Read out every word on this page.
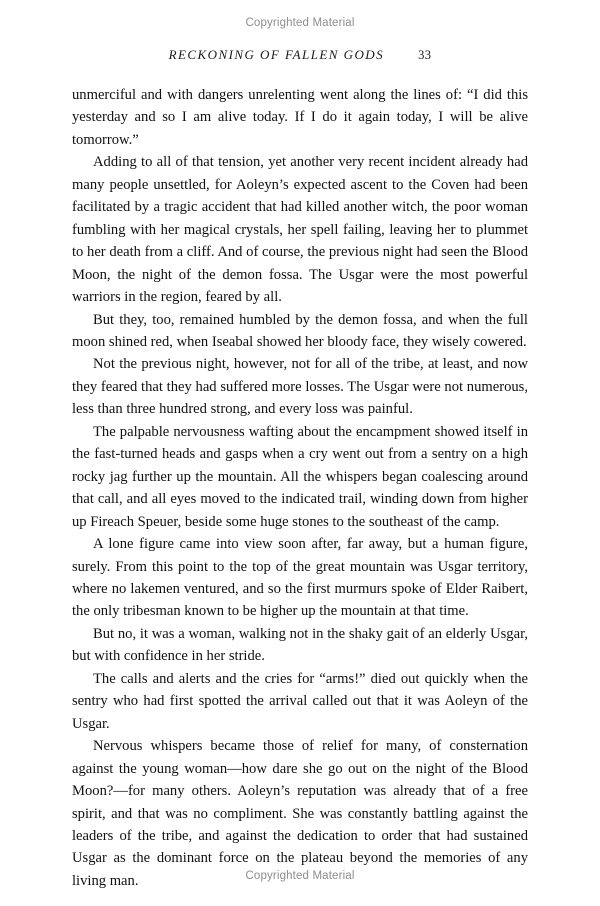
Copyrighted Material
RECKONING OF FALLEN GODS	33

unmerciful and with dangers unrelenting went along the lines of: “I did this yesterday and so I am alive today. If I do it again today, I will be alive tomorrow.”

Adding to all of that tension, yet another very recent incident already had many people unsettled, for Aoleyn’s expected ascent to the Coven had been facilitated by a tragic accident that had killed another witch, the poor woman fumbling with her magical crystals, her spell failing, leaving her to plummet to her death from a cliff. And of course, the previous night had seen the Blood Moon, the night of the demon fossa. The Usgar were the most powerful warriors in the region, feared by all.

But they, too, remained humbled by the demon fossa, and when the full moon shined red, when Iseabal showed her bloody face, they wisely cowered.

Not the previous night, however, not for all of the tribe, at least, and now they feared that they had suffered more losses. The Usgar were not numerous, less than three hundred strong, and every loss was painful.

The palpable nervousness wafting about the encampment showed itself in the fast-turned heads and gasps when a cry went out from a sentry on a high rocky jag further up the mountain. All the whispers began coalescing around that call, and all eyes moved to the indicated trail, winding down from higher up Fireach Speuer, beside some huge stones to the southeast of the camp.

A lone figure came into view soon after, far away, but a human figure, surely. From this point to the top of the great mountain was Usgar territory, where no lakemen ventured, and so the first murmurs spoke of Elder Raibert, the only tribesman known to be higher up the mountain at that time.

But no, it was a woman, walking not in the shaky gait of an elderly Usgar, but with confidence in her stride.

The calls and alerts and the cries for “arms!” died out quickly when the sentry who had first spotted the arrival called out that it was Aoleyn of the Usgar.

Nervous whispers became those of relief for many, of consternation against the young woman—how dare she go out on the night of the Blood Moon?—for many others. Aoleyn’s reputation was already that of a free spirit, and that was no compliment. She was constantly battling against the leaders of the tribe, and against the dedication to order that had sustained Usgar as the dominant force on the plateau beyond the memories of any living man.	Copyrighted Material
